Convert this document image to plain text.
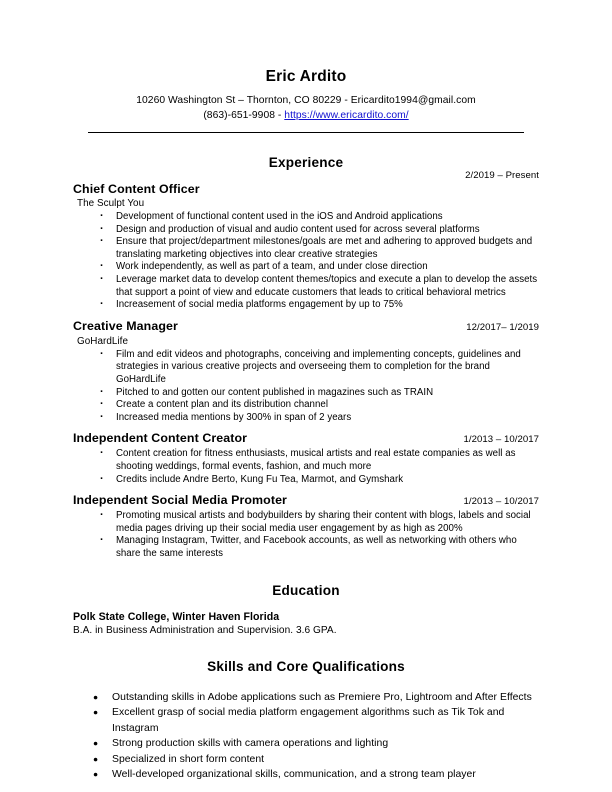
Eric Ardito
10260 Washington St – Thornton, CO 80229 - Ericardito1994@gmail.com
(863)-651-9908 - https://www.ericardito.com/
Experience
2/2019 – Present
Chief Content Officer
The Sculpt You
· Development of functional content used in the iOS and Android applications
· Design and production of visual and audio content used for across several platforms
· Ensure that project/department milestones/goals are met and adhering to approved budgets and translating marketing objectives into clear creative strategies
· Work independently, as well as part of a team, and under close direction
· Leverage market data to develop content themes/topics and execute a plan to develop the assets that support a point of view and educate customers that leads to critical behavioral metrics
· Increasement of social media platforms engagement by up to 75%
Creative Manager	12/2017– 1/2019
GoHardLife
· Film and edit videos and photographs, conceiving and implementing concepts, guidelines and strategies in various creative projects and overseeing them to completion for the brand GoHardLife
· Pitched to and gotten our content published in magazines such as TRAIN
· Create a content plan and its distribution channel
· Increased media mentions by 300% in span of 2 years
Independent Content Creator	1/2013 – 10/2017
· Content creation for fitness enthusiasts, musical artists and real estate companies as well as shooting weddings, formal events, fashion, and much more
· Credits include Andre Berto, Kung Fu Tea, Marmot, and Gymshark
Independent Social Media Promoter	1/2013 – 10/2017
· Promoting musical artists and bodybuilders by sharing their content with blogs, labels and social media pages driving up their social media user engagement by as high as 200%
· Managing Instagram, Twitter, and Facebook accounts, as well as networking with others who share the same interests
Education
Polk State College, Winter Haven Florida
B.A. in Business Administration and Supervision. 3.6 GPA.
Skills and Core Qualifications
● Outstanding skills in Adobe applications such as Premiere Pro, Lightroom and After Effects
● Excellent grasp of social media platform engagement algorithms such as Tik Tok and Instagram
● Strong production skills with camera operations and lighting
● Specialized in short form content
● Well-developed organizational skills, communication, and a strong team player
